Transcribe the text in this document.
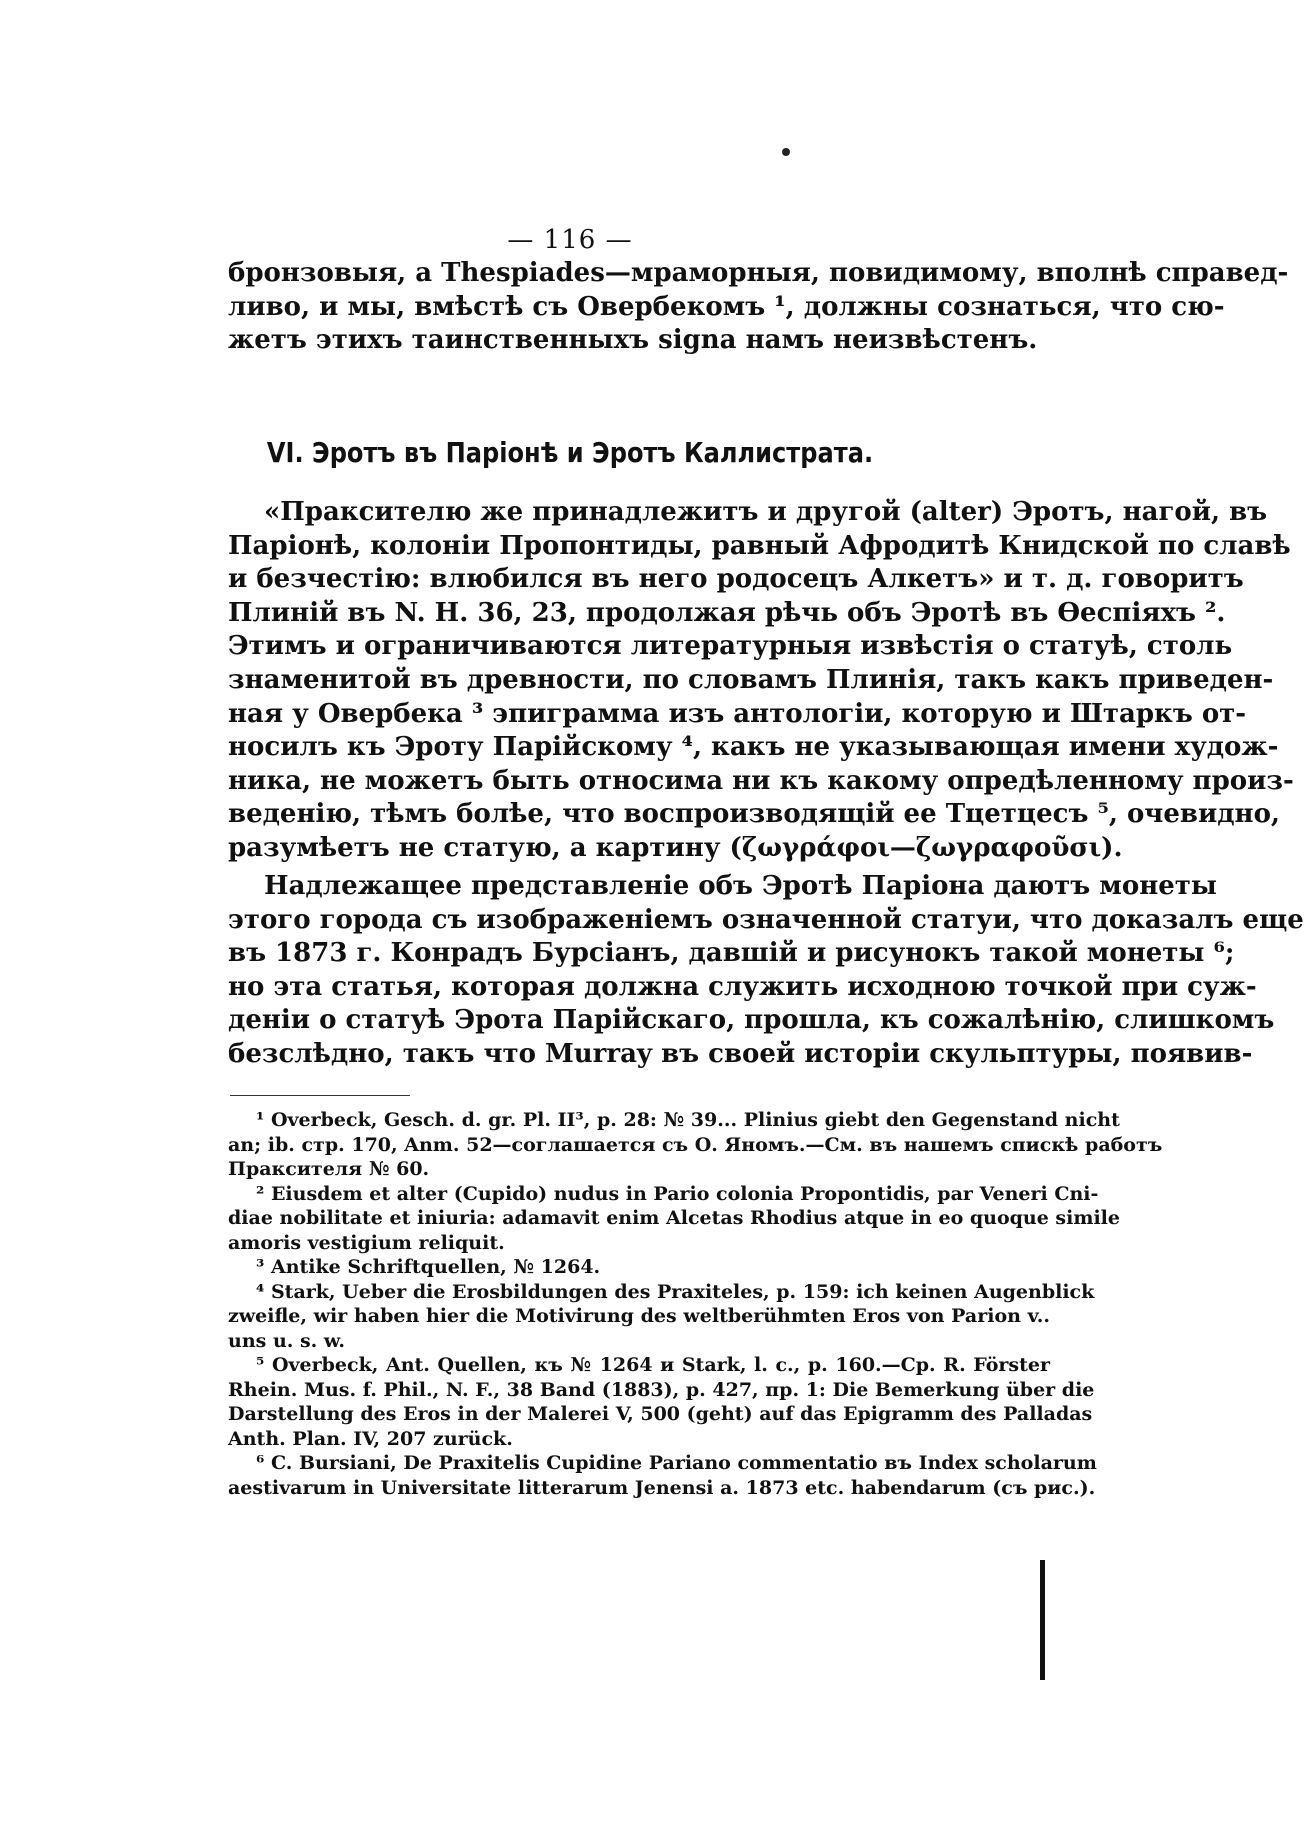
— 116 —
бронзовыя, а Thespiades—мраморныя, повидимому, вполнѣ справед-
ливо, и мы, вмѣстѣ съ Овербекомъ ¹, должны сознаться, что сю-
жетъ этихъ таинственныхъ signa намъ неизвѣстенъ.
VI. Эротъ въ Паріонѣ и Эротъ Каллистрата.
«Праксителю же принадлежитъ и другой (alter) Эротъ, нагой, въ
Паріонѣ, колоніи Пропонтиды, равный Афродитѣ Книдской по славѣ
и безчестію: влюбился въ него родосецъ Алкетъ» и т. д. говоритъ
Плиній въ N. H. 36, 23, продолжая рѣчь объ Эротѣ въ Өеспіяхъ ².
Этимъ и ограничиваются литературныя извѣстія о статуѣ, столь
знаменитой въ древности, по словамъ Плинія, такъ какъ приведен-
ная у Овербека ³ эпиграмма изъ антологіи, которую и Штаркъ от-
носилъ къ Эроту Парійскому ⁴, какъ не указывающая имени худож-
ника, не можетъ быть относима ни къ какому опредѣленному произ-
веденію, тѣмъ болѣе, что воспроизводящій ее Тцетцесъ ⁵, очевидно,
разумѣетъ не статую, а картину (ζωγράφοι—ζωγραφοῦσι).
Надлежащее представленіе объ Эротѣ Паріона даютъ монеты
этого города съ изображеніемъ означенной статуи, что доказалъ еще
въ 1873 г. Конрадъ Бурсіанъ, давшій и рисунокъ такой монеты ⁶;
но эта статья, которая должна служить исходною точкой при суж-
деніи о статуѣ Эрота Парійскаго, прошла, къ сожалѣнію, слишкомъ
безслѣдно, такъ что Murray въ своей исторіи скульптуры, появив-
¹ Overbeck, Gesch. d. gr. Pl. II³, p. 28: № 39... Plinius giebt den Gegenstand nicht
an; ib. стр. 170, Anm. 52—соглашается съ О. Яномъ.—См. въ нашемъ спискѣ работъ
Праксителя № 60.
² Eiusdem et alter (Cupido) nudus in Pario colonia Propontidis, par Veneri Cni-
diae nobilitate et iniuria: adamavit enim Alcetas Rhodius atque in eo quoque simile
amoris vestigium reliquit.
³ Antike Schriftquellen, № 1264.
⁴ Stark, Ueber die Erosbildungen des Praxiteles, p. 159: ich keinen Augenblick
zweifle, wir haben hier die Motivirung des weltberühmten Eros von Parion v..
uns u. s. w.
⁵ Overbeck, Ant. Quellen, къ № 1264 и Stark, l. c., p. 160.—Ср. R. Förster
Rhein. Mus. f. Phil., N. F., 38 Band (1883), p. 427, пр. 1: Die Bemerkung über die
Darstellung des Eros in der Malerei V, 500 (geht) auf das Epigramm des Palladas
Anth. Plan. IV, 207 zurück.
⁶ C. Bursiani, De Praxitelis Cupidine Pariano commentatio въ Index scholarum
aestivarum in Universitate litterarum Jenensi a. 1873 etc. habendarum (съ рис.).
